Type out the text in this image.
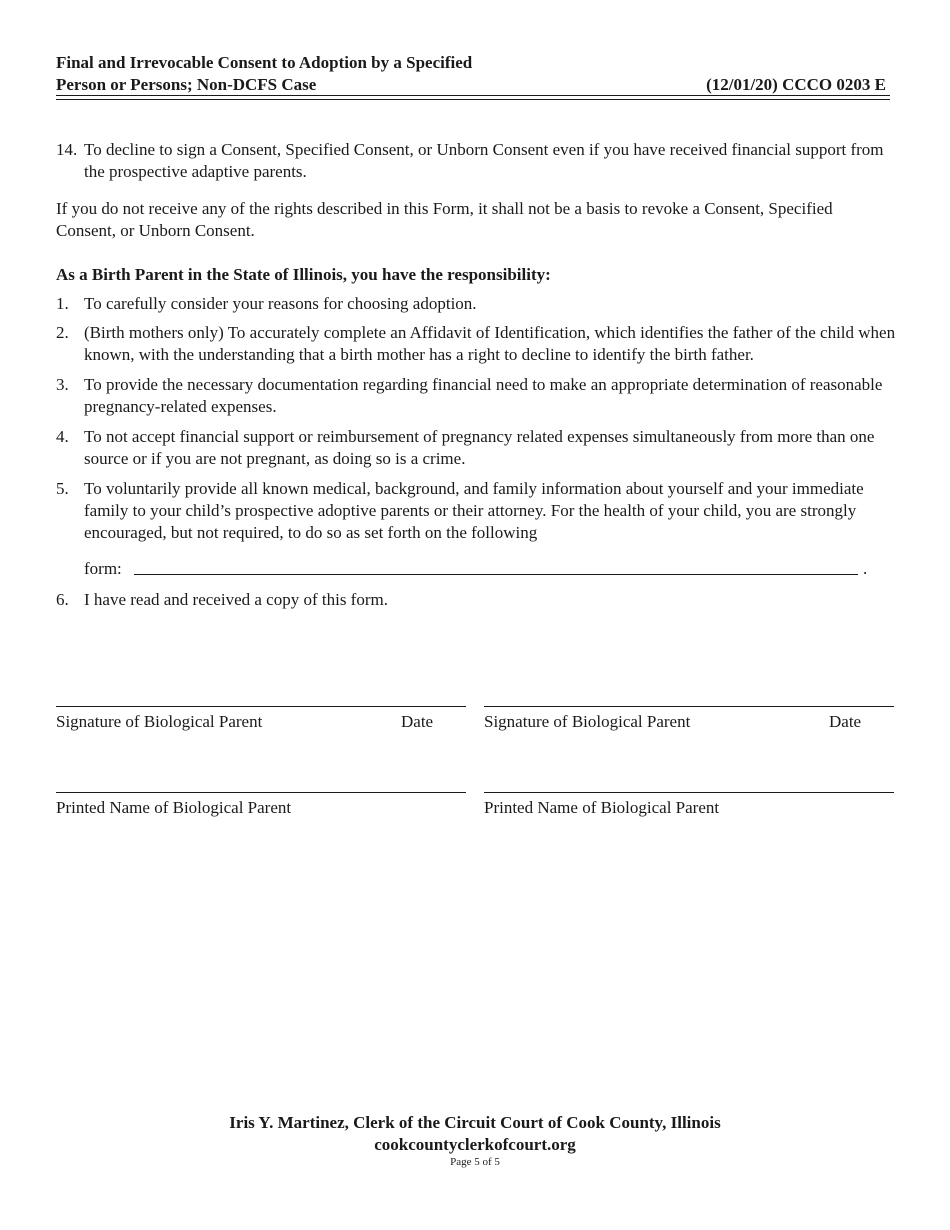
Final and Irrevocable Consent to Adoption by a Specified
Person or Persons; Non-DCFS Case	(12/01/20) CCCO 0203 E
14. To decline to sign a Consent, Specified Consent, or Unborn Consent even if you have received financial support from the prospective adaptive parents.
If you do not receive any of the rights described in this Form, it shall not be a basis to revoke a Consent, Specified Consent, or Unborn Consent.
As a Birth Parent in the State of Illinois, you have the responsibility:
1. To carefully consider your reasons for choosing adoption.
2. (Birth mothers only) To accurately complete an Affidavit of Identification, which identifies the father of the child when known, with the understanding that a birth mother has a right to decline to identify the birth father.
3. To provide the necessary documentation regarding financial need to make an appropriate determination of reasonable pregnancy-related expenses.
4. To not accept financial support or reimbursement of pregnancy related expenses simultaneously from more than one source or if you are not pregnant, as doing so is a crime.
5. To voluntarily provide all known medical, background, and family information about yourself and your immediate family to your child’s prospective adoptive parents or their attorney. For the health of your child, you are strongly encouraged, but not required, to do so as set forth on the following
form:	.
6. I have read and received a copy of this form.
Signature of Biological Parent	Date
Printed Name of Biological Parent
Signature of Biological Parent	Date
Printed Name of Biological Parent
Iris Y. Martinez, Clerk of the Circuit Court of Cook County, Illinois
cookcountyclerkofcourt.org
Page 5 of 5
